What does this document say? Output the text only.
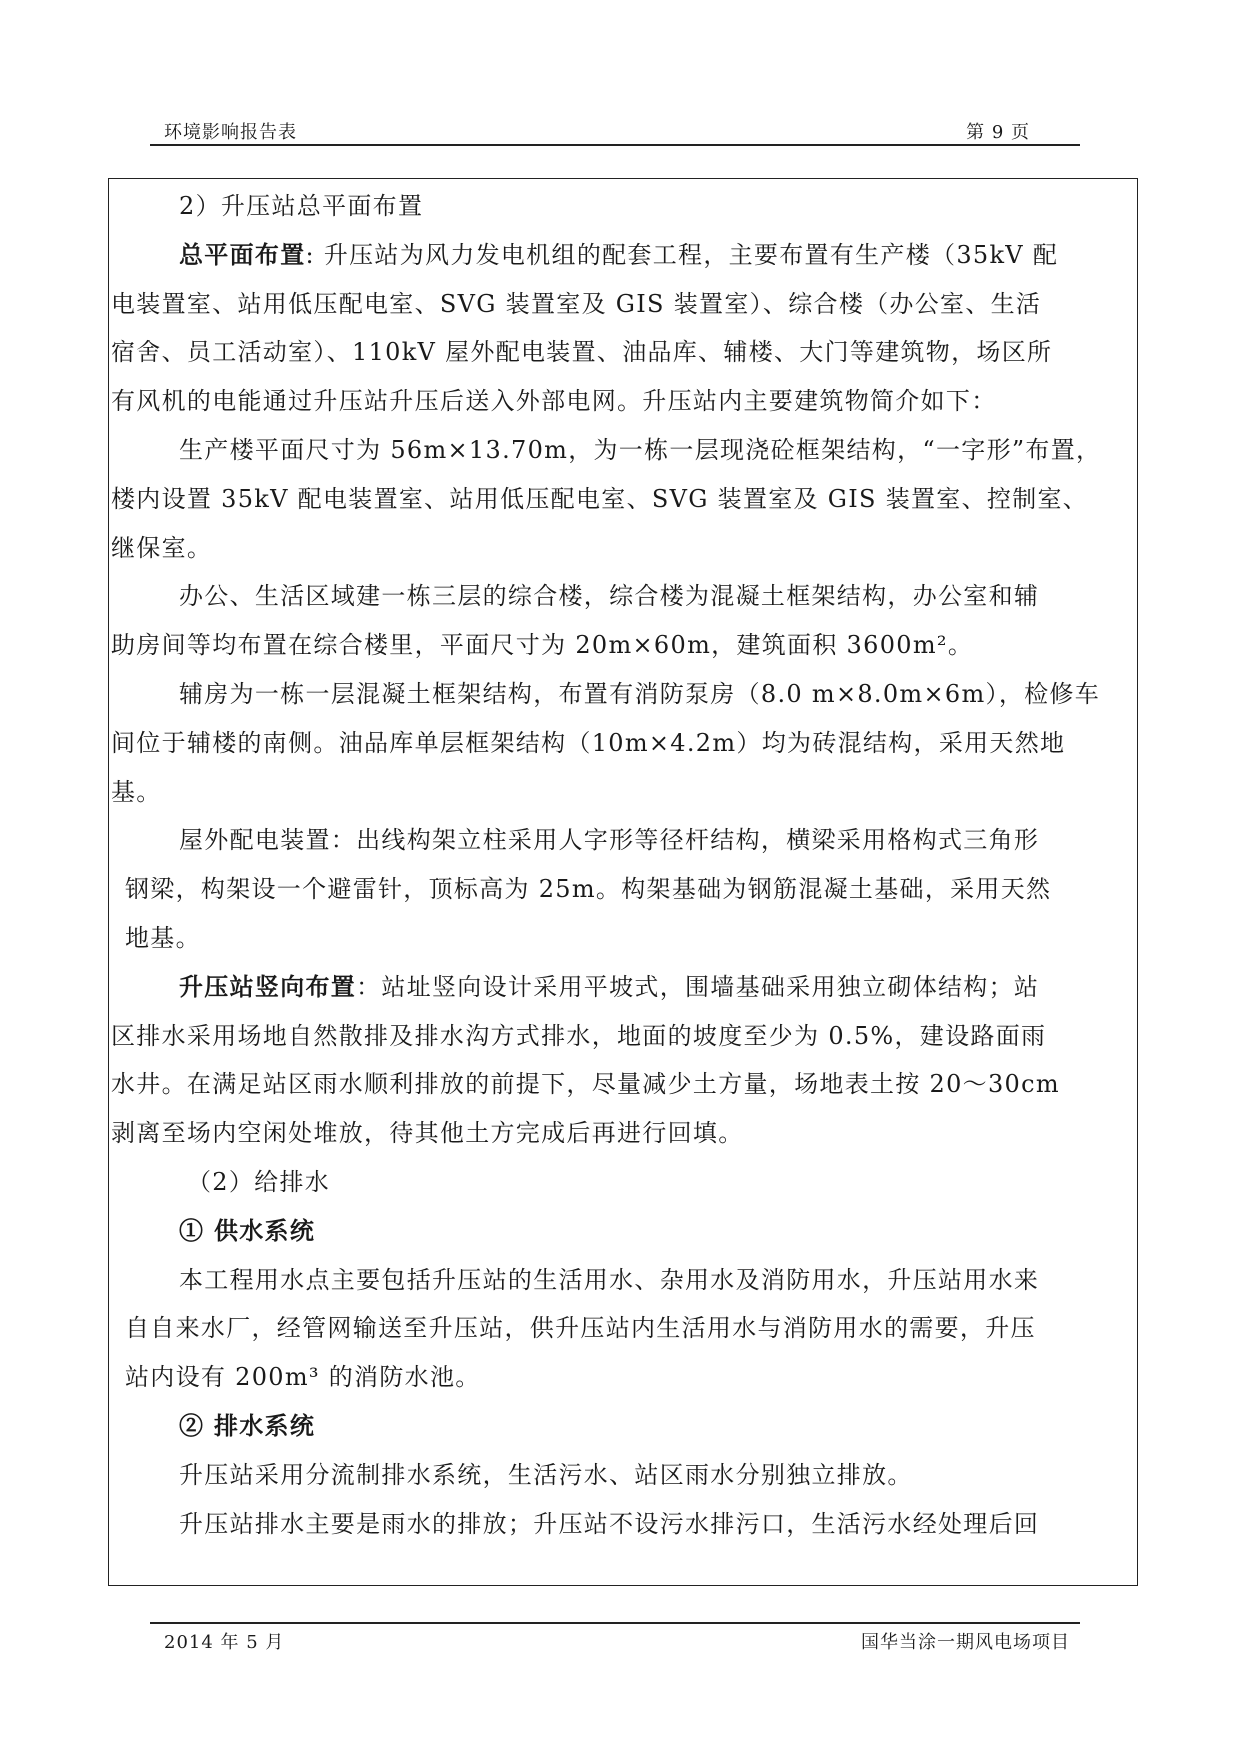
环境影响报告表	第 9 页

2）升压站总平面布置

总平面布置: 升压站为风力发电机组的配套工程，主要布置有生产楼（35kV 配

电装置室、站用低压配电室、SVG 装置室及 GIS 装置室）、综合楼（办公室、生活

宿舍、员工活动室）、110kV 屋外配电装置、油品库、辅楼、大门等建筑物，场区所

有风机的电能通过升压站升压后送入外部电网。升压站内主要建筑物简介如下：

生产楼平面尺寸为 56m×13.70m，为一栋一层现浇砼框架结构，“一字形”布置，

楼内设置 35kV 配电装置室、站用低压配电室、SVG 装置室及 GIS 装置室、控制室、

继保室。

办公、生活区域建一栋三层的综合楼，综合楼为混凝土框架结构，办公室和辅

助房间等均布置在综合楼里，平面尺寸为 20m×60m，建筑面积 3600m²。

辅房为一栋一层混凝土框架结构，布置有消防泵房（8.0 m×8.0m×6m），检修车

间位于辅楼的南侧。油品库单层框架结构（10m×4.2m）均为砖混结构，采用天然地

基。

屋外配电装置：出线构架立柱采用人字形等径杆结构，横梁采用格构式三角形

钢梁，构架设一个避雷针，顶标高为 25m。构架基础为钢筋混凝土基础，采用天然

地基。

升压站竖向布置：站址竖向设计采用平坡式，围墙基础采用独立砌体结构；站

区排水采用场地自然散排及排水沟方式排水，地面的坡度至少为 0.5%，建设路面雨

水井。在满足站区雨水顺利排放的前提下，尽量减少土方量，场地表土按 20～30cm

剥离至场内空闲处堆放，待其他土方完成后再进行回填。

（2）给排水

① 供水系统

本工程用水点主要包括升压站的生活用水、杂用水及消防用水，升压站用水来

自自来水厂，经管网输送至升压站，供升压站内生活用水与消防用水的需要，升压

站内设有 200m³ 的消防水池。

② 排水系统

升压站采用分流制排水系统，生活污水、站区雨水分别独立排放。

升压站排水主要是雨水的排放；升压站不设污水排污口，生活污水经处理后回

2014 年 5 月	国华当涂一期风电场项目
